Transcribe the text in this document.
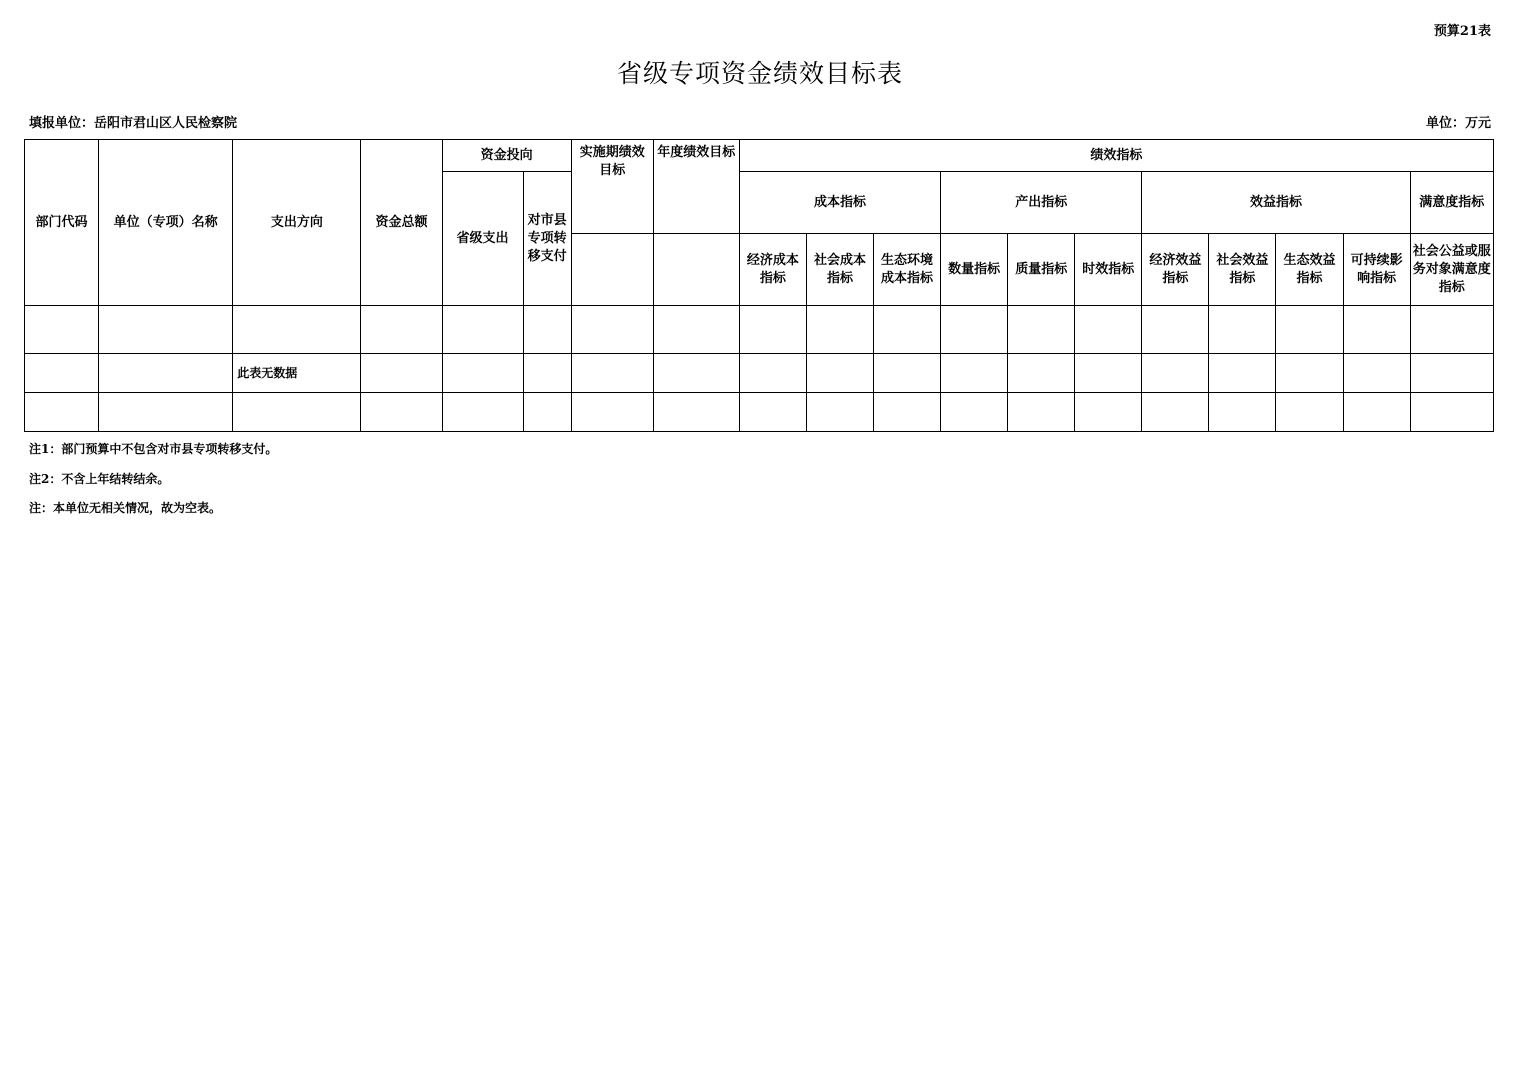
预算21表
省级专项资金绩效目标表
填报单位：岳阳市君山区人民检察院	单位：万元
部门代码	单位（专项）名称	支出方向	资金总额	资金投向		实施期绩效目标	年度绩效目标	绩效指标										
				省级支出	对市县专项转移支付			成本指标			产出指标			效益指标				满意度指标
								经济成本指标	社会成本指标	生态环境成本指标	数量指标	质量指标	时效指标	经济效益指标	社会效益指标	生态效益指标	可持续影响指标	社会公益或服务对象满意度指标

		此表无数据																

注1：部门预算中不包含对市县专项转移支付。
注2：不含上年结转结余。
注：本单位无相关情况，故为空表。
